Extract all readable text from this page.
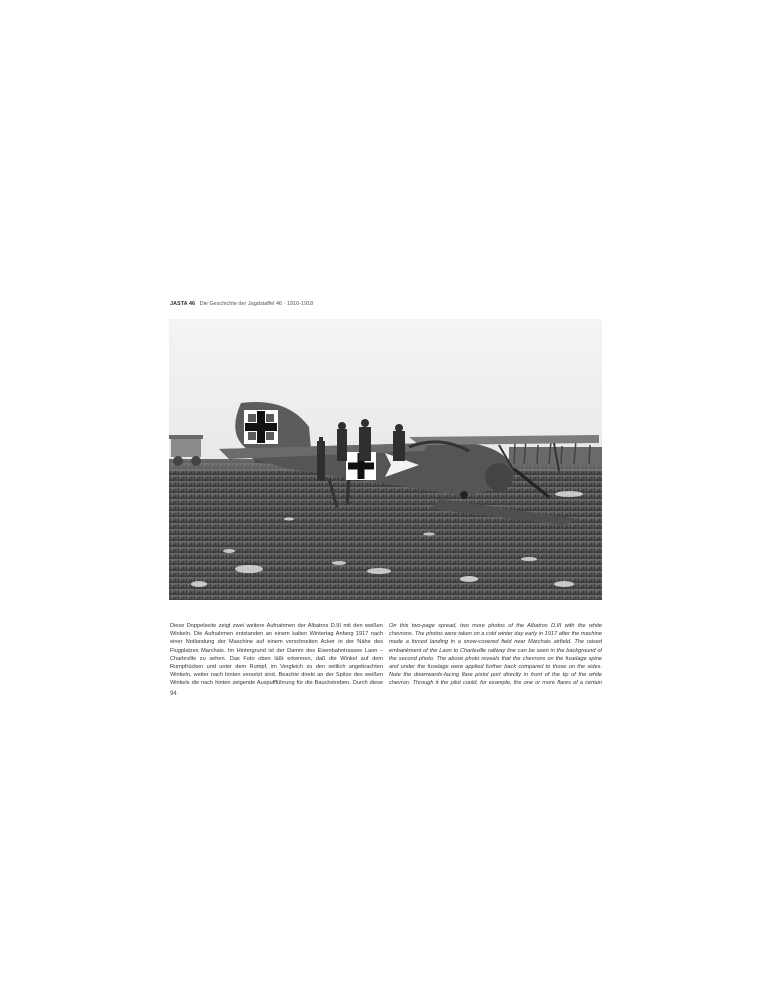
JASTA 46 Die Geschichte der Jagdstaffel 46 · 1916-1918
Diese Doppelseite zeigt zwei weitere Aufnahmen der Albatros D.III mit den weißen Winkeln. Die Aufnahmen entstanden an einem kalten Wintertag Anfang 1917 nach einer Notlandung der Maschine auf einem verschneiten Acker in der Nähe des Flugplatzes Marchais. Im Hintergrund ist der Damm des Eisenbahntrassee Laon – Charleville zu sehen. Das Foto oben läßt erkennen, daß die Winkel auf dem Rumpfrücken und unter dem Rumpf, im Vergleich zu den seitlich angebrachten Winkeln, weiter nach hinten versetzt sind. Beachte direkt an der Spitze des weißen Winkels die nach hinten zeigende Auspuffführung für die Bauchstreben. Durch diese
On this two-page spread, two more photos of the Albatros D.III with the white chevrons. The photos were taken on a cold winter day early in 1917 after the machine made a forced landing in a snow-covered field near Marchais airfield. The raised embankment of the Laon to Charleville railway line can be seen in the background of the second photo. The above photo reveals that the chevrons on the fuselage spine and under the fuselage were applied further back compared to those on the sides. Note the downwards-facing flare pistol port directly in front of the tip of the white chevron. Through it the pilot could, for example, fire one or more flares of a certain
94
